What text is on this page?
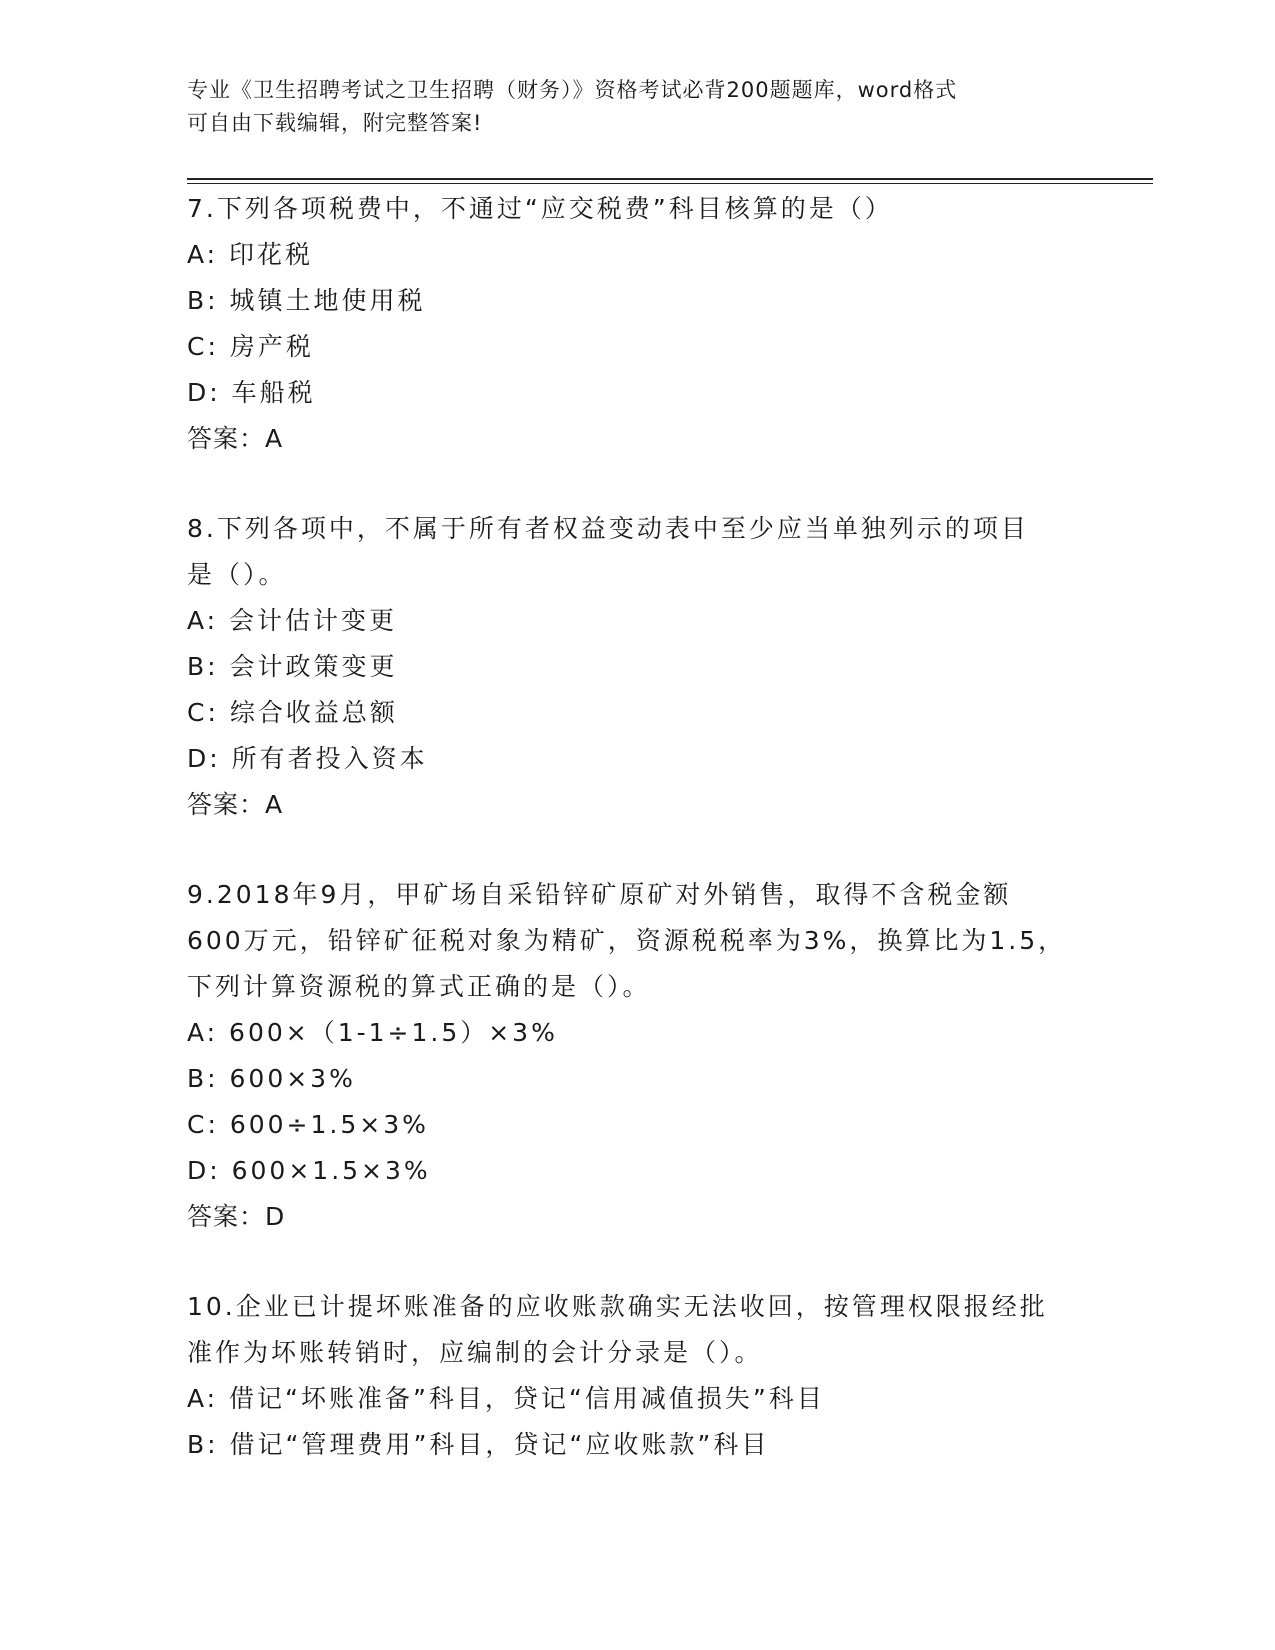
专业《卫生招聘考试之卫生招聘（财务）》资格考试必背200题题库，word格式
可自由下载编辑，附完整答案!
7.下列各项税费中，不通过“应交税费”科目核算的是（）
A: 印花税
B: 城镇土地使用税
C: 房产税
D: 车船税
答案：A
8.下列各项中，不属于所有者权益变动表中至少应当单独列示的项目
是（）。
A: 会计估计变更
B: 会计政策变更
C: 综合收益总额
D: 所有者投入资本
答案：A
9.2018年9月，甲矿场自采铅锌矿原矿对外销售，取得不含税金额
600万元，铅锌矿征税对象为精矿，资源税税率为3%，换算比为1.5，
下列计算资源税的算式正确的是（）。
A: 600×（1-1÷1.5）×3%
B: 600×3%
C: 600÷1.5×3%
D: 600×1.5×3%
答案：D
10.企业已计提坏账准备的应收账款确实无法收回，按管理权限报经批
准作为坏账转销时，应编制的会计分录是（）。
A: 借记“坏账准备”科目，贷记“信用减值损失”科目
B: 借记“管理费用”科目，贷记“应收账款”科目
